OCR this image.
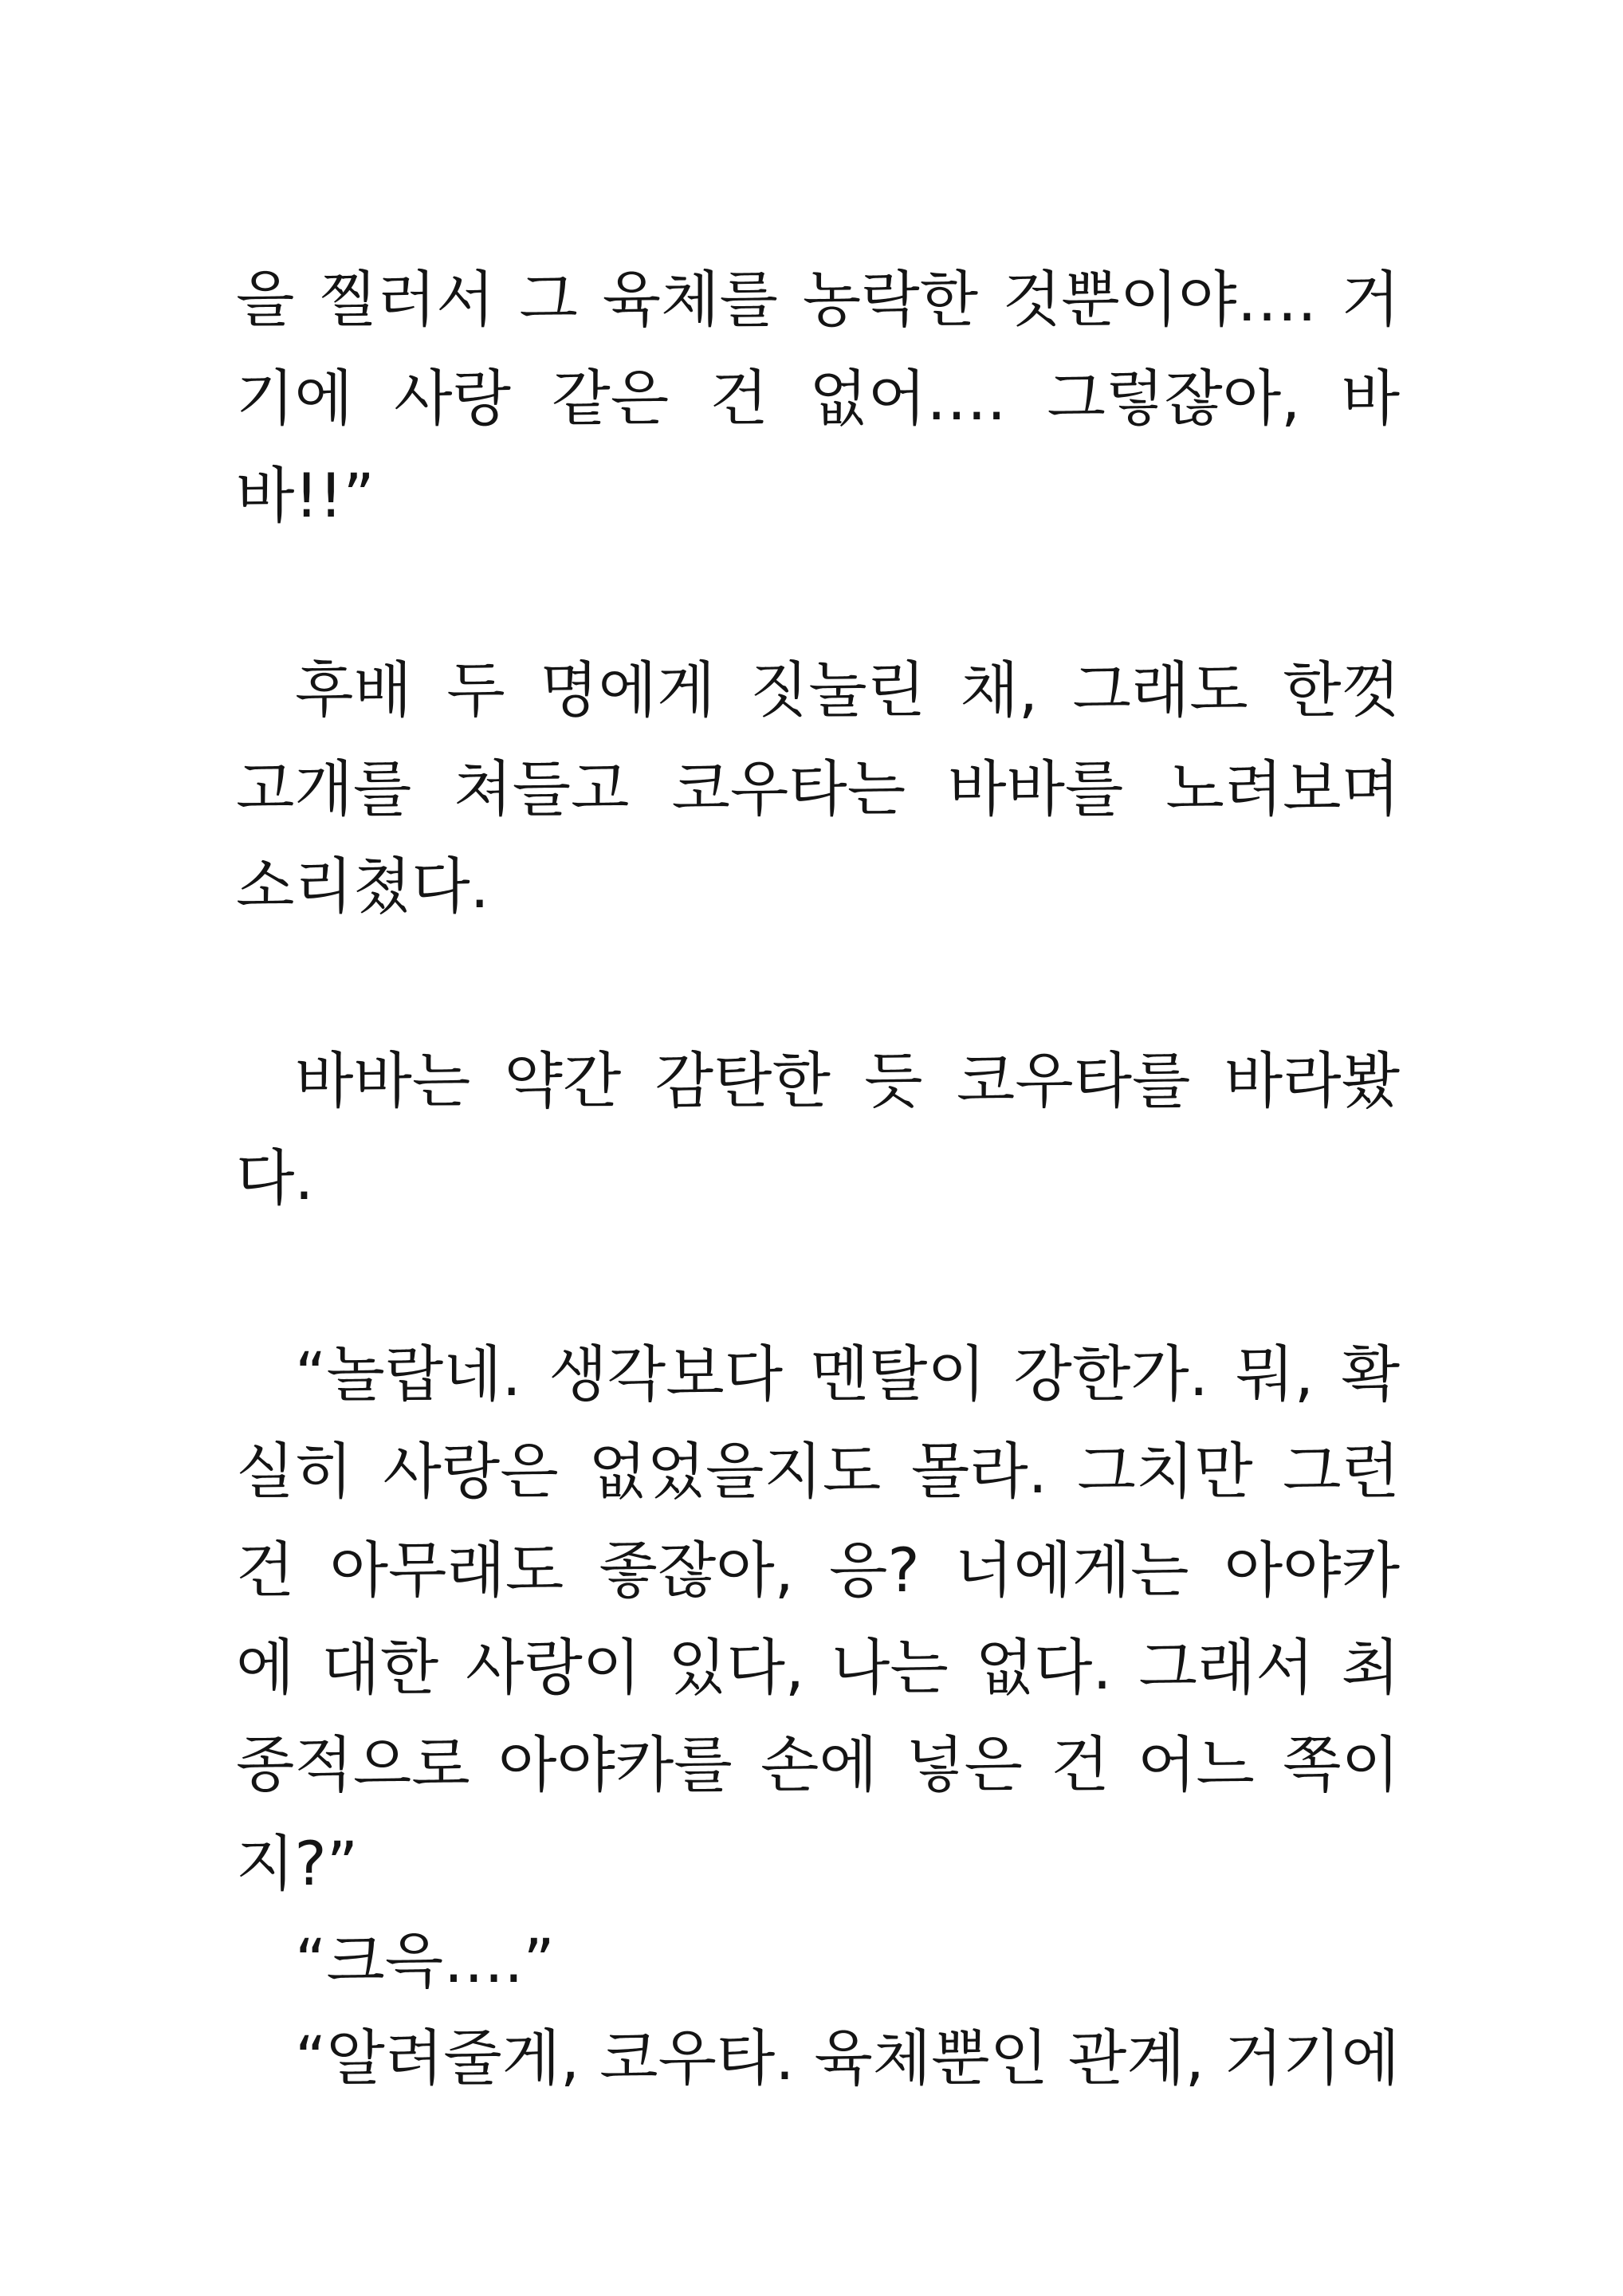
을 찔러서 그 육체를 농락한 것뿐이야…. 거
기에 사랑 같은 건 없어…. 그렇잖아, 바
바!!”
후배 두 명에게 짓눌린 채, 그래도 한껏
고개를 쳐들고 코우타는 바바를 노려보며
소리쳤다.
바바는 약간 감탄한 듯 코우타를 바라봤
다.
“놀랍네. 생각보다 멘탈이 강한가. 뭐, 확
실히 사랑은 없었을지도 몰라. 그치만 그런
건 아무래도 좋잖아, 응? 너에게는 아야카
에 대한 사랑이 있다, 나는 없다. 그래서 최
종적으로 아야카를 손에 넣은 건 어느 쪽이
지?”
“크윽….”
“알려줄게, 코우타. 육체뿐인 관계, 거기에
